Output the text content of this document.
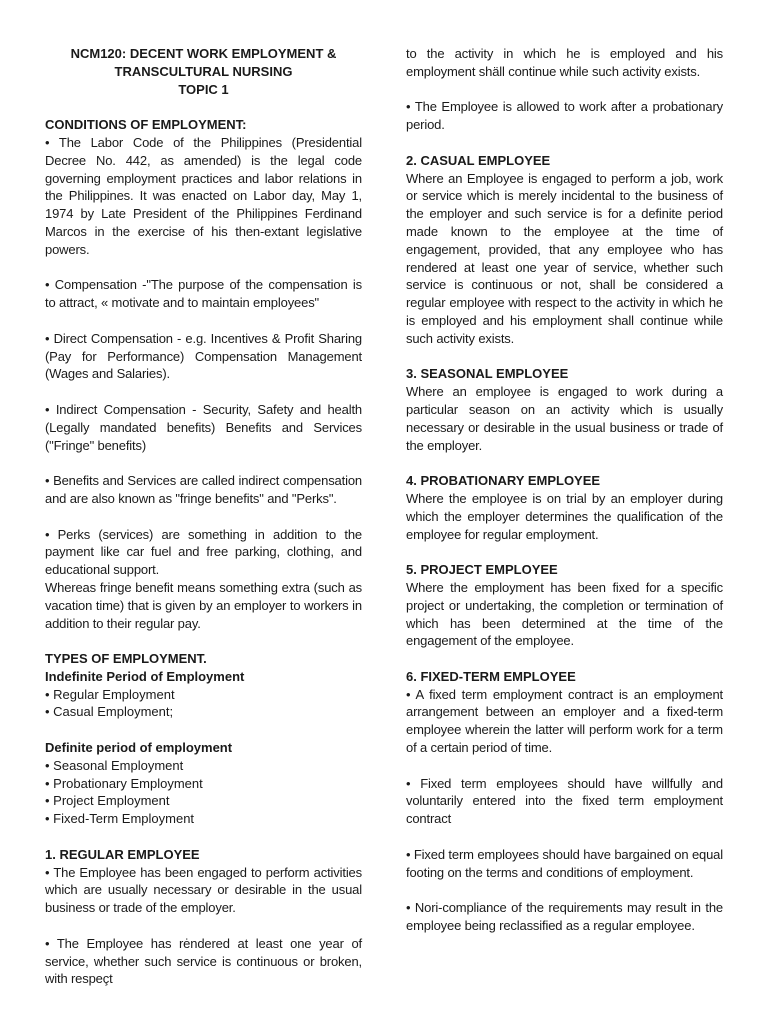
NCM120: DECENT WORK EMPLOYMENT &
TRANSCULTURAL NURSING
TOPIC 1
CONDITIONS OF EMPLOYMENT:

• The Labor Code of the Philippines (Presidential Decree No. 442, as amended) is the legal code governing employment practices and labor relations in the Philippines. It was enacted on Labor day, May 1, 1974 by Late President of the Philippines Ferdinand Marcos in the exercise of his then-extant legislative powers.

• Compensation -"The purpose of the compensation is to attract, « motivate and to maintain employees"

• Direct Compensation - e.g. Incentives & Profit Sharing (Pay for Performance) Compensation Management (Wages and Salaries).

• Indirect Compensation - Security, Safety and health (Legally mandated benefits) Benefits and Services ("Fringe" benefits)

• Benefits and Services are called indirect compensation and are also known as "fringe benefits" and "Perks".

• Perks (services) are something in addition to the payment like car fuel and free parking, clothing, and educational support.

Whereas fringe benefit means something extra (such as vacation time) that is given by an employer to workers in addition to their regular pay.

TYPES OF EMPLOYMENT.
Indefinite Period of Employment
• Regular Employment
• Casual Employment;
Definite period of employment
• Seasonal Employment
• Probationary Employment
• Project Employment
• Fixed-Term Employment
1. REGULAR EMPLOYEE

• The Employee has been engaged to perform activities which are usually necessary or desirable in the usual business or trade of the employer.

• The Employee has rėndered at least one year of service, whether such service is continuous or broken, with respeçt

to the activity in which he is employed and his employment shäll continue while such activity exists.

• The Employee is allowed to work after a probationary period.

2. CASUAL EMPLOYEE

Where an Employee is engaged to perform a job, work or service which is merely incidental to the business of the employer and such service is for a definite period made known to the employee at the time of engagement, provided, that any employee who has rendered at least one year of service, whether such service is continuous or not, shall be considered a regular employee with respect to the activity in which he is employed and his employment shall continue while such activity exists.

3. SEASONAL EMPLOYEE

Where an employee is engaged to work during a particular season on an activity which is usually necessary or desirable in the usual business or trade of the employer.

4. PROBATIONARY EMPLOYEE

Where the employee is on trial by an employer during which the employer determines the qualification of the employee for regular employment.

5. PROJECT EMPLOYEE

Where the employment has been fixed for a specific project or undertaking, the completion or termination of which has been determined at the time of the engagement of the employee.

6. FIXED-TERM EMPLOYEE

• A fixed term employment contract is an employment arrangement between an employer and a fixed-term employee wherein the latter will perform work for a term of a certain period of time.

• Fixed term employees should have willfully and voluntarily entered into the fixed term employment contract

• Fixed term employees should have bargained on equal footing on the terms and conditions of employment.

• Nori-compliance of the requirements may result in the employee being reclassified as a regular employee.
